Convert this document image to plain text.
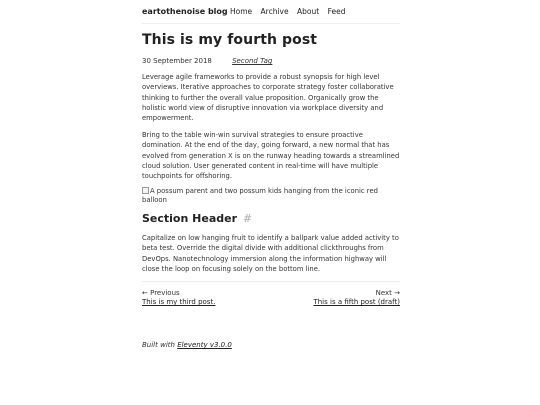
eartothenoise blog Home Archive About Feed
This is my fourth post
30 September 2018	Second Tag

Leverage agile frameworks to provide a robust synopsis for high level overviews. Iterative approaches to corporate strategy foster collaborative thinking to further the overall value proposition. Organically grow the holistic world view of disruptive innovation via workplace diversity and empowerment.

Bring to the table win-win survival strategies to ensure proactive domination. At the end of the day, going forward, a new normal that has evolved from generation X is on the runway heading towards a streamlined cloud solution. User generated content in real-time will have multiple touchpoints for offshoring.

A possum parent and two possum kids hanging from the iconic red balloon
Section Header #

Capitalize on low hanging fruit to identify a ballpark value added activity to beta test. Override the digital divide with additional clickthroughs from DevOps. Nanotechnology immersion along the information highway will close the loop on focusing solely on the bottom line.

← Previous
This is my third post.
Next →
This is a fifth post (draft)
Built with Eleventy v3.0.0
